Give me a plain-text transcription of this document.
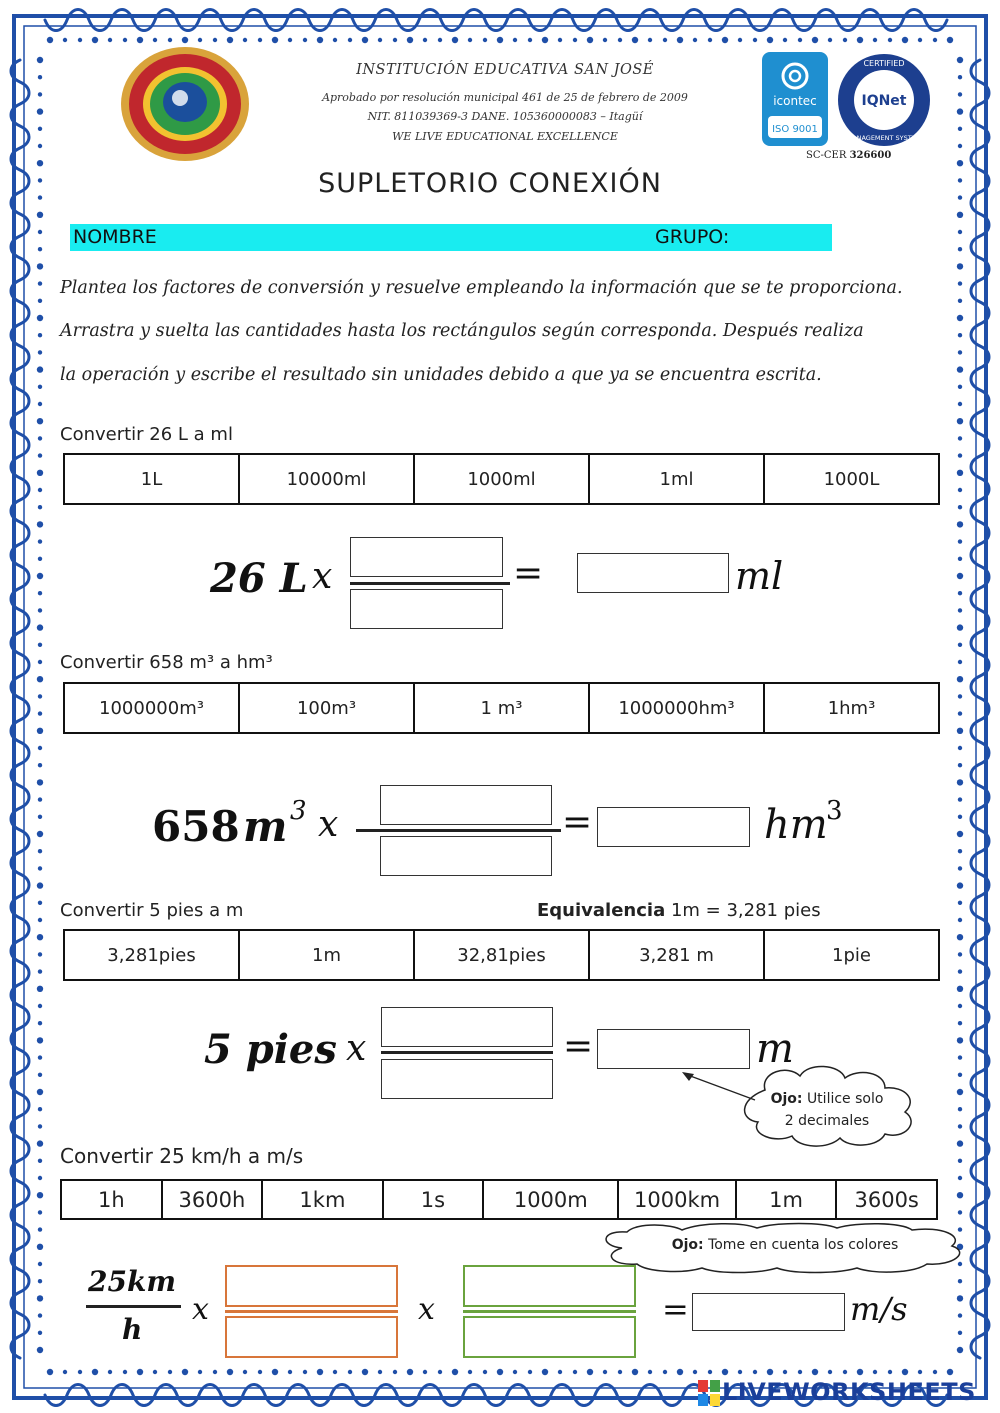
icontec
ISO 9001
CERTIFIED
IQNet
MANAGEMENT SYSTEM
SC-CER 326600
INSTITUCIÓN EDUCATIVA SAN JOSÉ
Aprobado por resolución municipal 461 de 25 de febrero de 2009
NIT. 811039369-3 DANE. 105360000083 – Itagüí
WE LIVE EDUCATIONAL EXCELLENCE
SUPLETORIO CONEXIÓN
NOMBRE	GRUPO:
Plantea los factores de conversión y resuelve empleando la información que se te proporciona.
Arrastra y suelta las cantidades hasta los rectángulos según corresponda. Después realiza
la operación y escribe el resultado sin unidades debido a que ya se encuentra escrita.
Convertir 26 L a ml
1L	10000ml	1000ml	1ml	1000L
26 L x	=	ml
Convertir 658 m³ a hm³
1000000m³	100m³	1 m³	1000000hm³	1hm³
658 m 3 x	=	hm
3
Convertir 5 pies a m	Equivalencia 1m = 3,281 pies
3,281pies	1m	32,81pies	3,281 m	1pie
5 pies x	=	m
Ojo: Utilice solo
2 decimales
Convertir 25 km/h a m/s
1h	3600h	1km	1s	1000m	1000km	1m	3600s
Ojo: Tome en cuenta los colores
25km
h
x	x	=	m/s
LIVEWORKSHEETS
